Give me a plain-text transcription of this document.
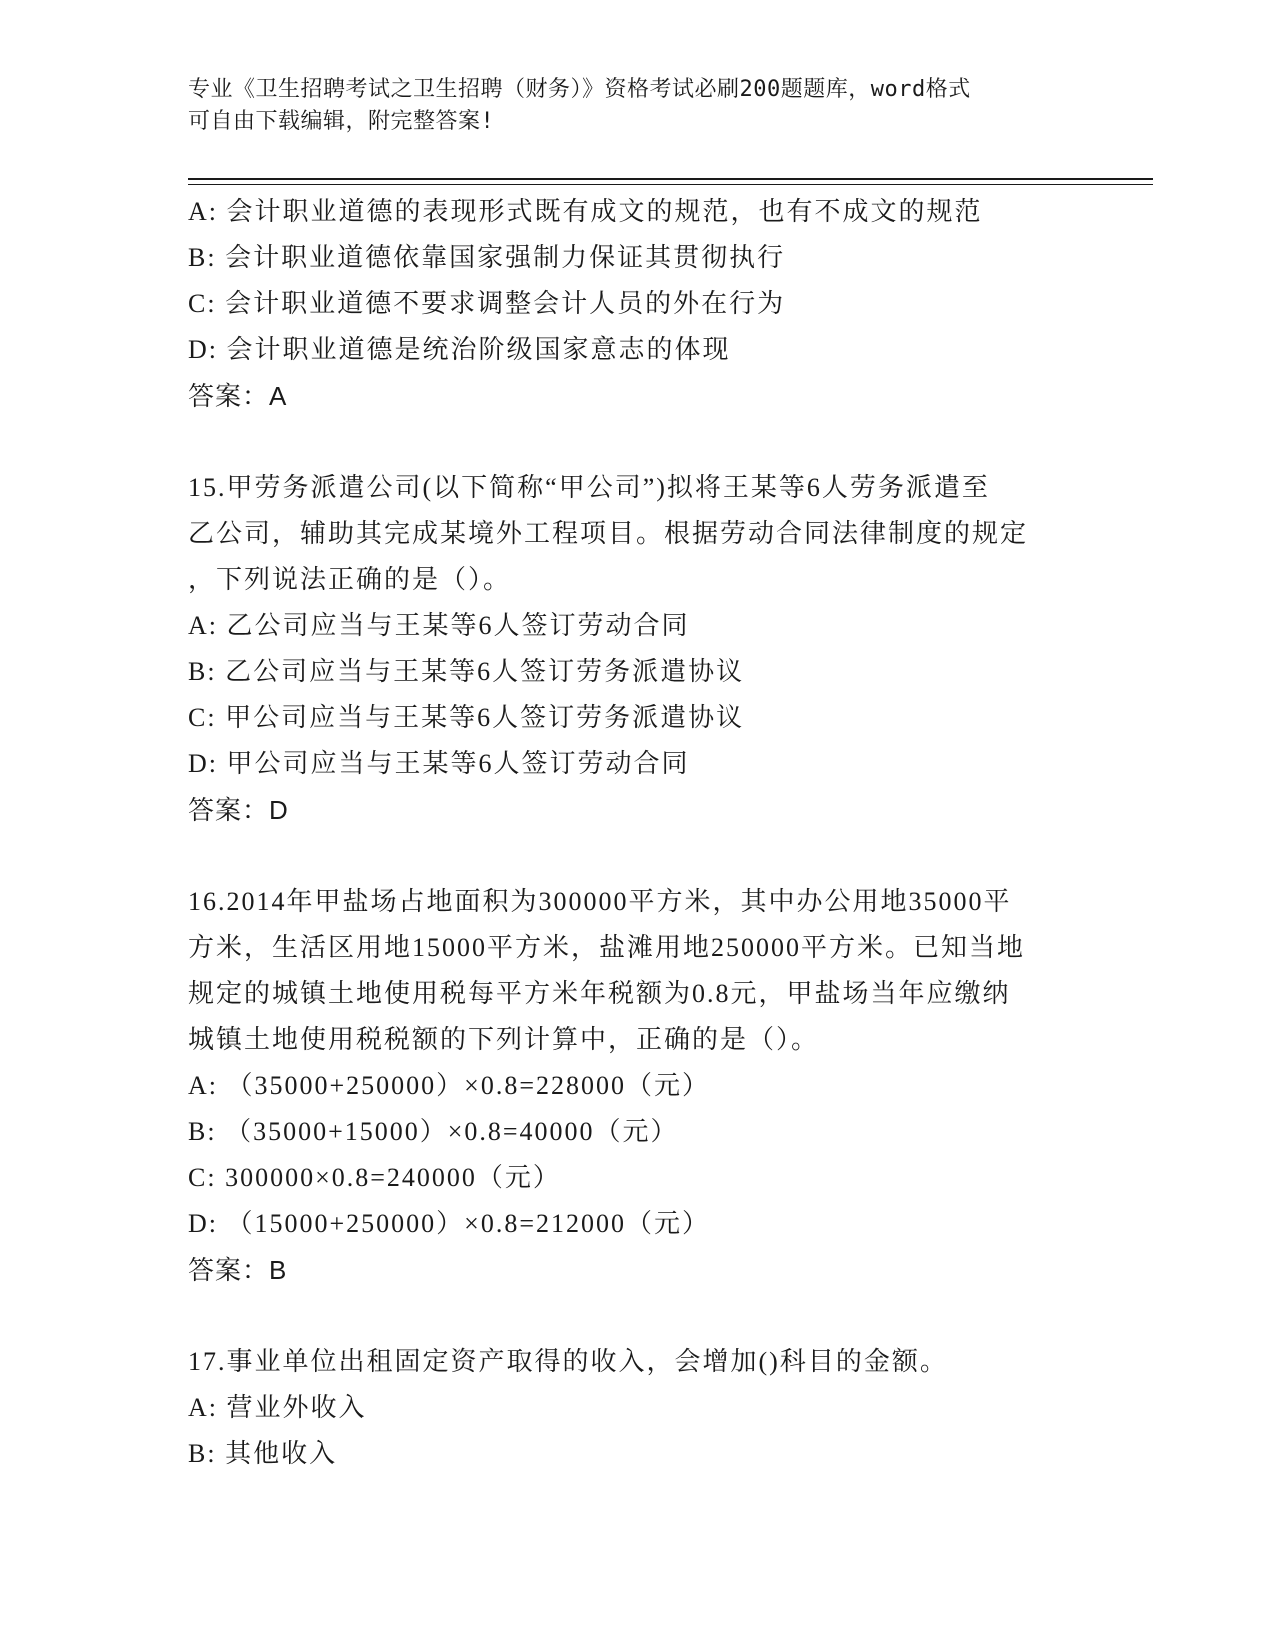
专业《卫生招聘考试之卫生招聘（财务）》资格考试必刷200题题库，word格式
可自由下载编辑，附完整答案!
A: 会计职业道德的表现形式既有成文的规范，也有不成文的规范
B: 会计职业道德依靠国家强制力保证其贯彻执行
C: 会计职业道德不要求调整会计人员的外在行为
D: 会计职业道德是统治阶级国家意志的体现
答案：A
15.甲劳务派遣公司(以下简称“甲公司”)拟将王某等6人劳务派遣至
乙公司，辅助其完成某境外工程项目。根据劳动合同法律制度的规定
，下列说法正确的是（）。
A: 乙公司应当与王某等6人签订劳动合同
B: 乙公司应当与王某等6人签订劳务派遣协议
C: 甲公司应当与王某等6人签订劳务派遣协议
D: 甲公司应当与王某等6人签订劳动合同
答案：D
16.2014年甲盐场占地面积为300000平方米，其中办公用地35000平
方米，生活区用地15000平方米，盐滩用地250000平方米。已知当地
规定的城镇土地使用税每平方米年税额为0.8元，甲盐场当年应缴纳
城镇土地使用税税额的下列计算中，正确的是（）。
A: （35000+250000）×0.8=228000（元）
B: （35000+15000）×0.8=40000（元）
C: 300000×0.8=240000（元）
D: （15000+250000）×0.8=212000（元）
答案：B
17.事业单位出租固定资产取得的收入，会增加()科目的金额。
A: 营业外收入
B: 其他收入
